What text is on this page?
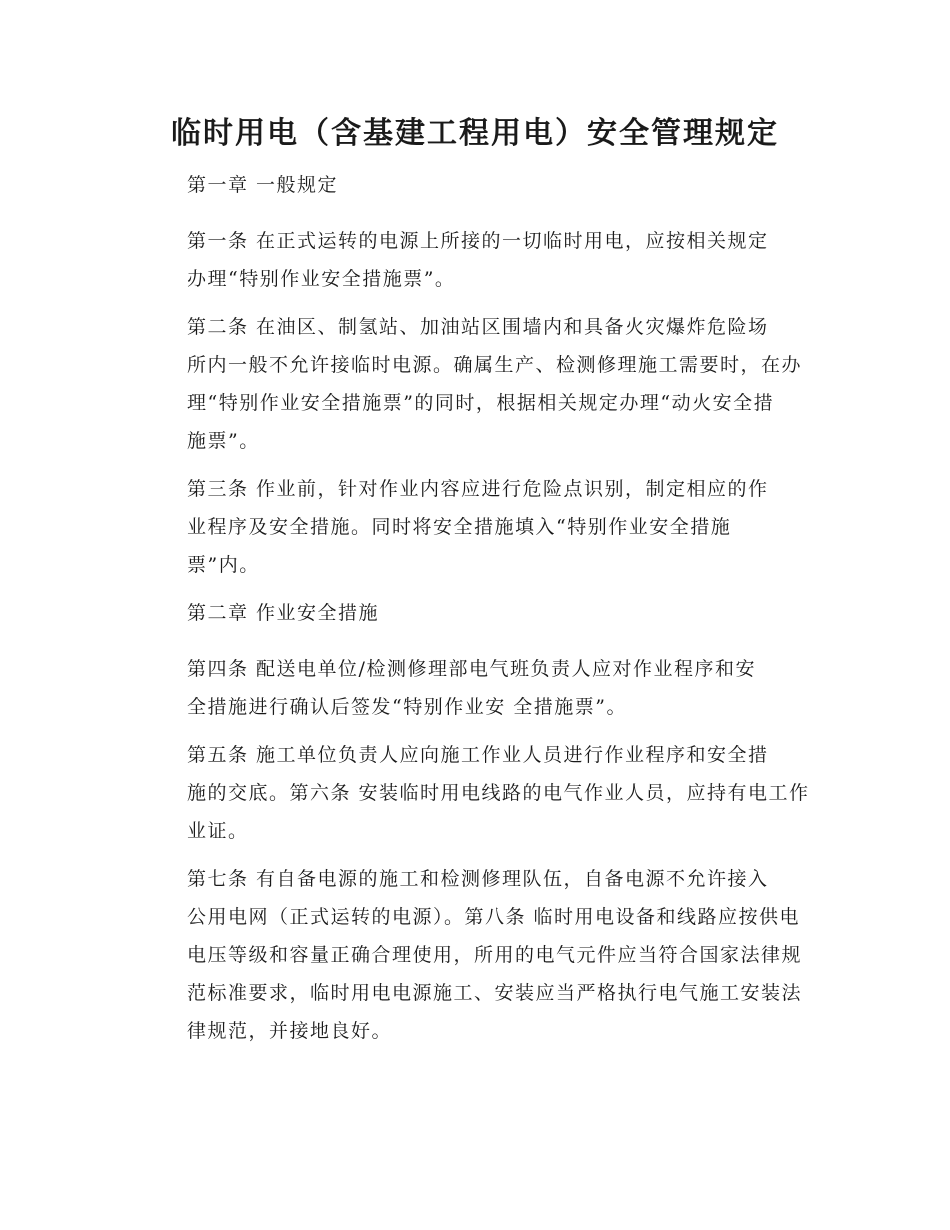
临时用电（含基建工程用电）安全管理规定

第一章 一般规定

第一条 在正式运转的电源上所接的一切临时用电，应按相关规定
办理“特别作业安全措施票”。

第二条 在油区、制氢站、加油站区围墙内和具备火灾爆炸危险场
所内一般不允许接临时电源。确属生产、检测修理施工需要时，在办
理“特别作业安全措施票”的同时，根据相关规定办理“动火安全措
施票”。

第三条 作业前，针对作业内容应进行危险点识别，制定相应的作
业程序及安全措施。同时将安全措施填入“特别作业安全措施
票”内。

第二章 作业安全措施

第四条 配送电单位/检测修理部电气班负责人应对作业程序和安
全措施进行确认后签发“特别作业安 全措施票”。

第五条 施工单位负责人应向施工作业人员进行作业程序和安全措
施的交底。第六条 安装临时用电线路的电气作业人员，应持有电工作
业证。

第七条 有自备电源的施工和检测修理队伍，自备电源不允许接入
公用电网（正式运转的电源）。第八条 临时用电设备和线路应按供电
电压等级和容量正确合理使用，所用的电气元件应当符合国家法律规
范标准要求，临时用电电源施工、安装应当严格执行电气施工安装法
律规范，并接地良好。
